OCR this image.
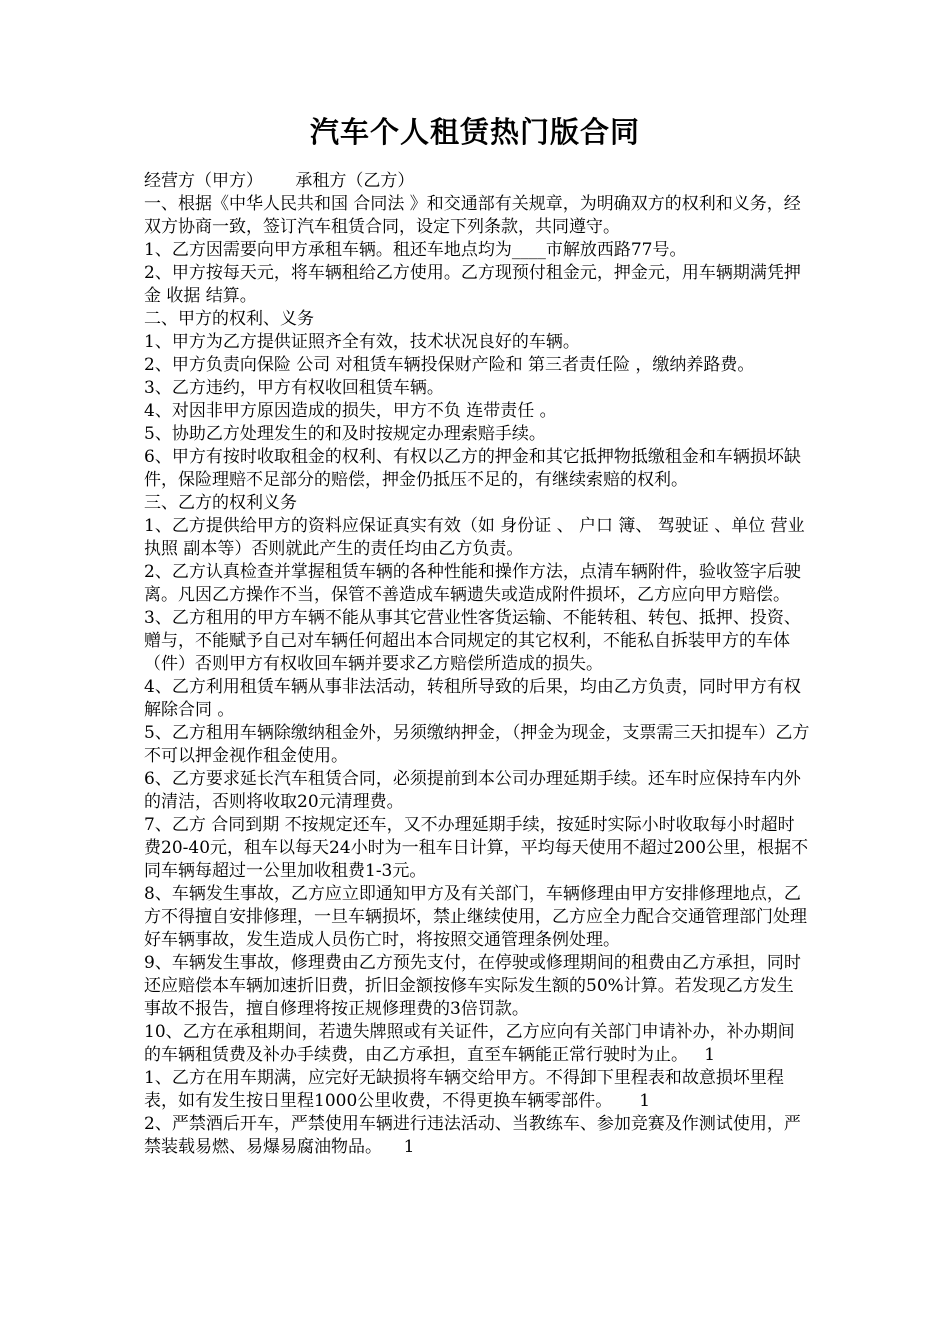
汽车个人租赁热门版合同

经营方（甲方）      承租方（乙方）

一、根据《中华人民共和国 合同法 》和交通部有关规章，为明确双方的权利和义务，经双方协商一致，签订汽车租赁合同，设定下列条款，共同遵守。

1、乙方因需要向甲方承租车辆。租还车地点均为____市解放西路77号。

2、甲方按每天元，将车辆租给乙方使用。乙方现预付租金元，押金元，用车辆期满凭押金 收据 结算。

二、甲方的权利、义务

1、甲方为乙方提供证照齐全有效，技术状况良好的车辆。

2、甲方负责向保险 公司 对租赁车辆投保财产险和 第三者责任险 ，缴纳养路费。

3、乙方违约，甲方有权收回租赁车辆。

4、对因非甲方原因造成的损失，甲方不负 连带责任 。

5、协助乙方处理发生的和及时按规定办理索赔手续。

6、甲方有按时收取租金的权利、有权以乙方的押金和其它抵押物抵缴租金和车辆损坏缺件，保险理赔不足部分的赔偿，押金仍抵压不足的，有继续索赔的权利。

三、乙方的权利义务

1、乙方提供给甲方的资料应保证真实有效（如 身份证 、 户口 簿、 驾驶证 、单位 营业执照 副本等）否则就此产生的责任均由乙方负责。

2、乙方认真检查并掌握租赁车辆的各种性能和操作方法，点清车辆附件，验收签字后驶离。凡因乙方操作不当，保管不善造成车辆遗失或造成附件损坏，乙方应向甲方赔偿。

3、乙方租用的甲方车辆不能从事其它营业性客货运输、不能转租、转包、抵押、投资、赠与，不能赋予自己对车辆任何超出本合同规定的其它权利，不能私自拆装甲方的车体（件）否则甲方有权收回车辆并要求乙方赔偿所造成的损失。

4、乙方利用租赁车辆从事非法活动，转租所导致的后果，均由乙方负责，同时甲方有权 解除合同 。

5、乙方租用车辆除缴纳租金外，另须缴纳押金，（押金为现金，支票需三天扣提车）乙方不可以押金视作租金使用。

6、乙方要求延长汽车租赁合同，必须提前到本公司办理延期手续。还车时应保持车内外的清洁，否则将收取20元清理费。

7、乙方 合同到期 不按规定还车，又不办理延期手续，按延时实际小时收取每小时超时费20-40元，租车以每天24小时为一租车日计算，平均每天使用不超过200公里，根据不同车辆每超过一公里加收租费1-3元。

8、车辆发生事故，乙方应立即通知甲方及有关部门，车辆修理由甲方安排修理地点，乙方不得擅自安排修理，一旦车辆损坏，禁止继续使用，乙方应全力配合交通管理部门处理好车辆事故，发生造成人员伤亡时，将按照交通管理条例处理。

9、车辆发生事故，修理费由乙方预先支付，在停驶或修理期间的租费由乙方承担，同时还应赔偿本车辆加速折旧费，折旧金额按修车实际发生额的50%计算。若发现乙方发生事故不报告，擅自修理将按正规修理费的3倍罚款。

10、乙方在承租期间，若遗失牌照或有关证件，乙方应向有关部门申请补办，补办期间的车辆租赁费及补办手续费，由乙方承担，直至车辆能正常行驶时为止。   1

1、乙方在用车期满，应完好无缺损将车辆交给甲方。不得卸下里程表和故意损坏里程表，如有发生按日里程1000公里收费，不得更换车辆零部件。     1

2、严禁酒后开车，严禁使用车辆进行违法活动、当教练车、参加竞赛及作测试使用，严禁装载易燃、易爆易腐油物品。    1
